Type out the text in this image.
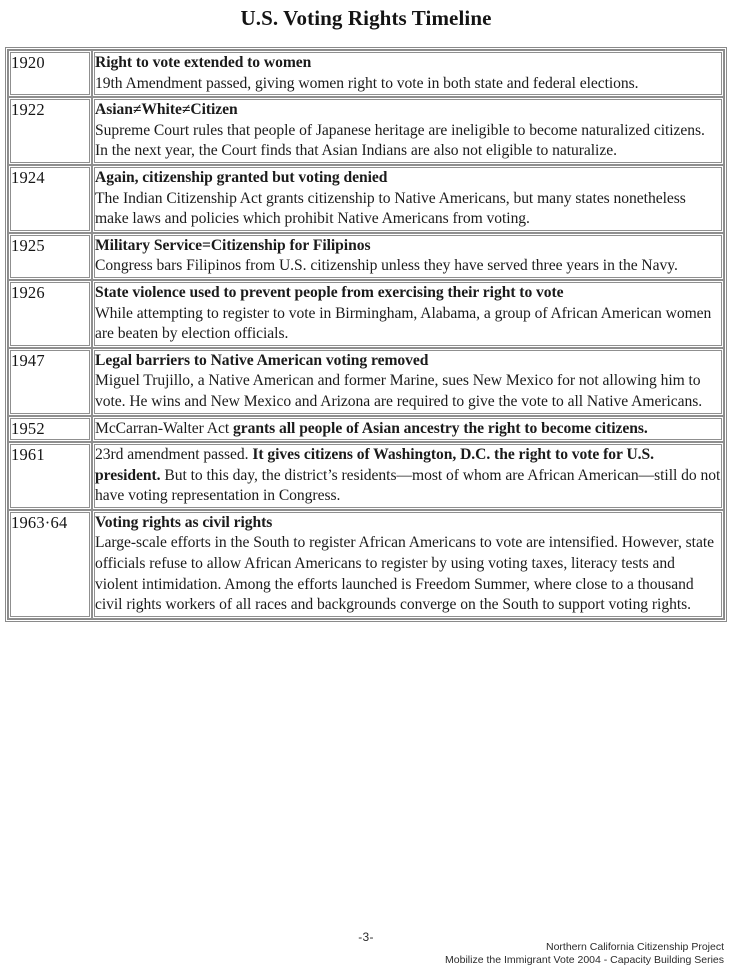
U.S. Voting Rights Timeline
1920	Right to vote extended to women
19th Amendment passed, giving women right to vote in both state and federal elections.

1922	Asian≠White≠Citizen
Supreme Court rules that people of Japanese heritage are ineligible to become naturalized citizens. In the next year, the Court finds that Asian Indians are also not eligible to naturalize.

1924	Again, citizenship granted but voting denied
The Indian Citizenship Act grants citizenship to Native Americans, but many states nonetheless make laws and policies which prohibit Native Americans from voting.

1925	Military Service=Citizenship for Filipinos
Congress bars Filipinos from U.S. citizenship unless they have served three years in the Navy.

1926	State violence used to prevent people from exercising their right to vote
While attempting to register to vote in Birmingham, Alabama, a group of African American women are beaten by election officials.

1947	Legal barriers to Native American voting removed
Miguel Trujillo, a Native American and former Marine, sues New Mexico for not allowing him to vote. He wins and New Mexico and Arizona are required to give the vote to all Native Americans.

1952	McCarran-Walter Act grants all people of Asian ancestry the right to become citizens.

1961	23rd amendment passed. It gives citizens of Washington, D.C. the right to vote for U.S. president. But to this day, the district’s residents—most of whom are African American—still do not have voting representation in Congress.

1963·64	Voting rights as civil rights
Large-scale efforts in the South to register African Americans to vote are intensified. However, state officials refuse to allow African Americans to register by using voting taxes, literacy tests and violent intimidation. Among the efforts launched is Freedom Summer, where close to a thousand civil rights workers of all races and backgrounds converge on the South to support voting rights.
-3-
Northern California Citizenship Project
Mobilize the Immigrant Vote 2004 - Capacity Building Series
